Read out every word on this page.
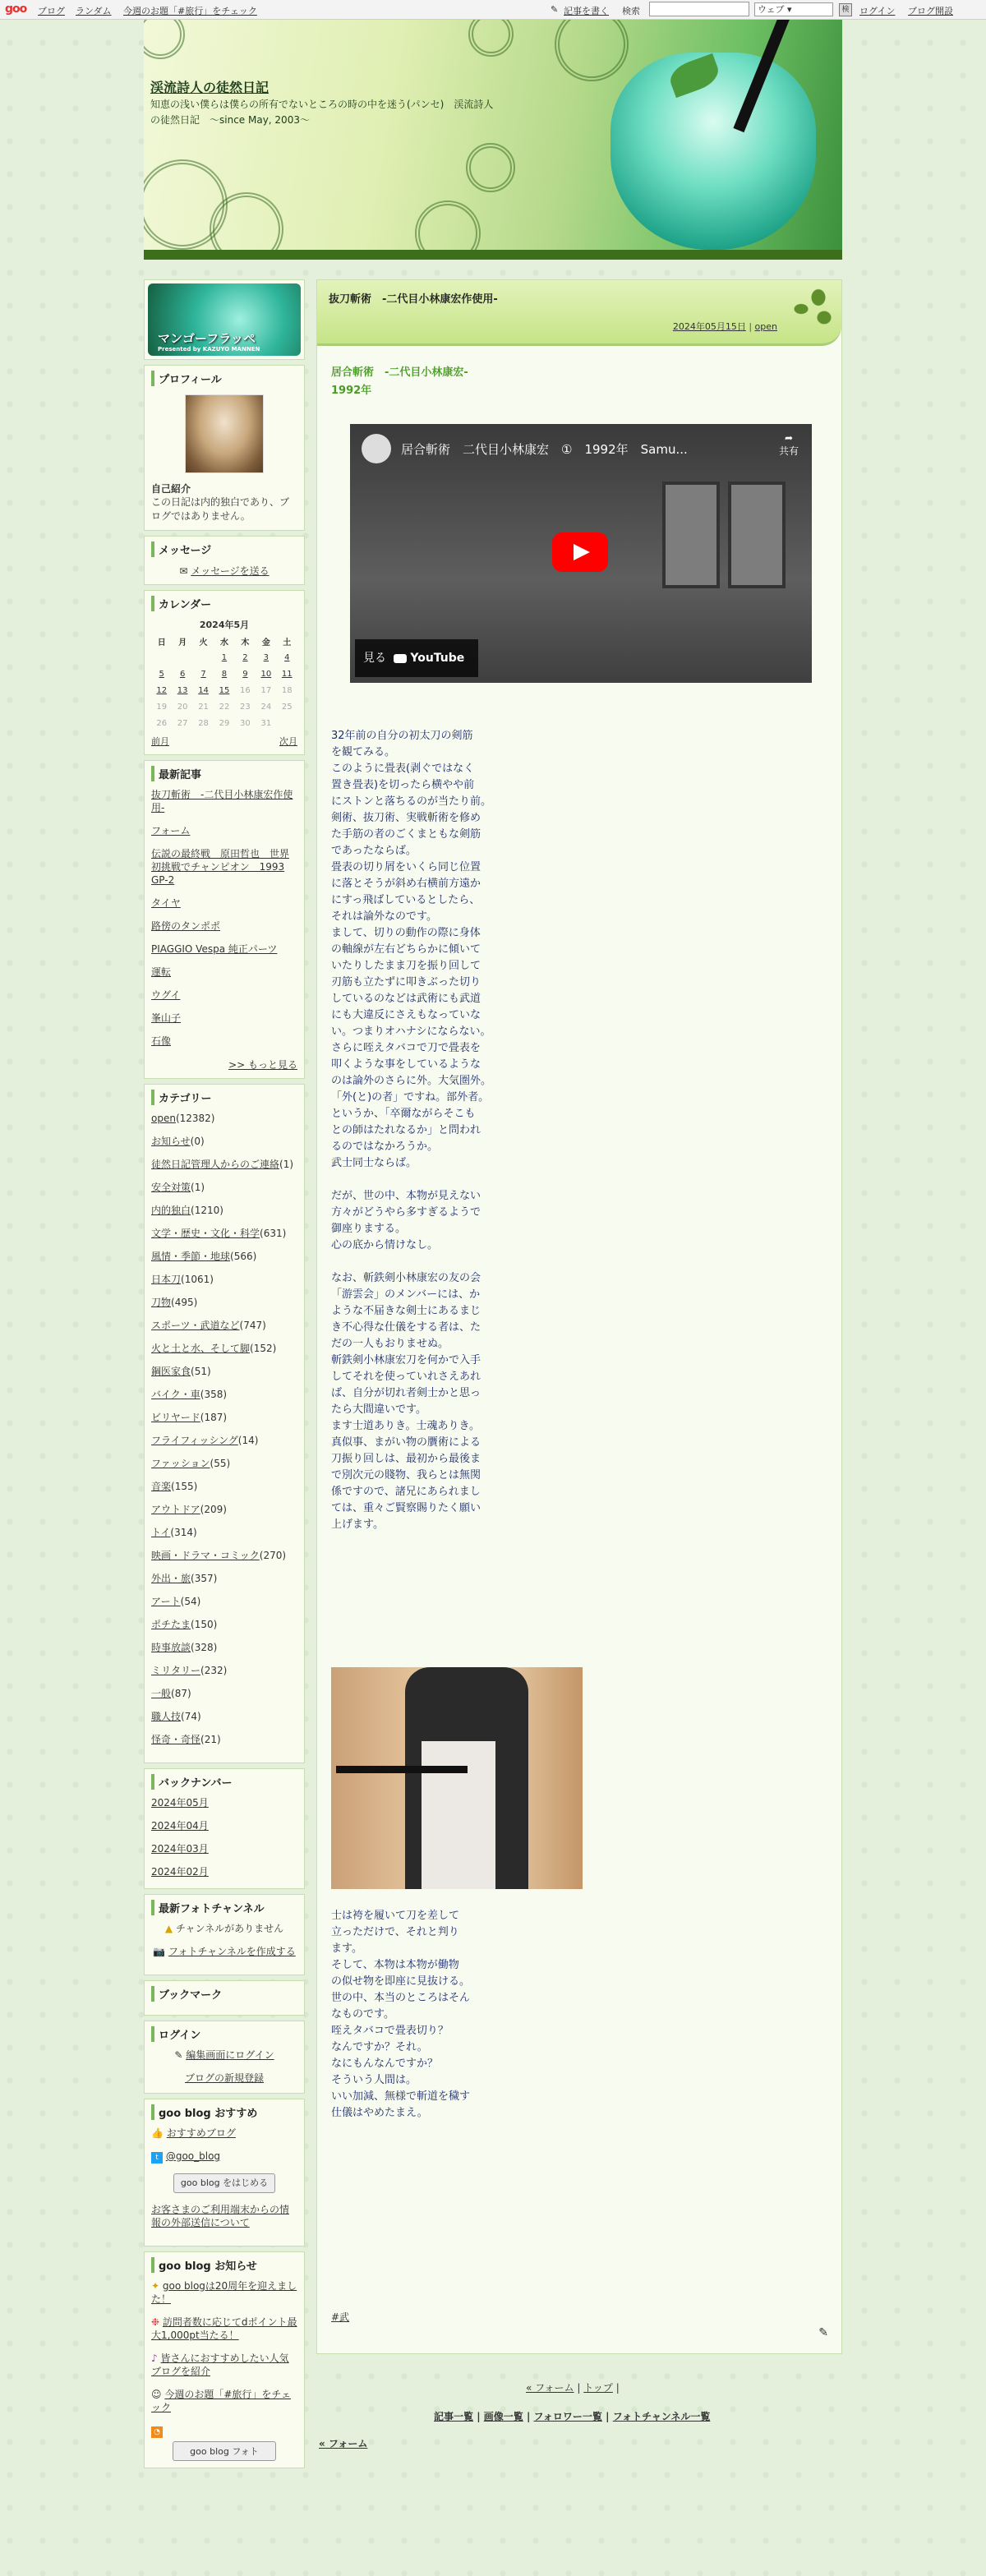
goo ブログ ランダム 今週のお題「#旅行」をチェック	✎ 記事を書く 検索	ウェブ ▾	検	ログイン ブログ開設
渓流詩人の徒然日記
知恵の浅い僕らは僕らの所有でないところの時の中を迷う(パンセ)　渓流詩人の徒然日記　～since May, 2003～
マンゴーフラッペ
Presented by KAZUYO MANNEN
プロフィール
自己紹介
この日記は内的独白であり、ブログではありません。
メッセージ
✉ メッセージを送る
カレンダー
2024年5月
日	月	火	水	木	金	土
			1	2	3	4
5	6	7	8	9	10	11
12	13	14	15	16	17	18
19	20	21	22	23	24	25
26	27	28	29	30	31	
前月	次月
最新記事
抜刀斬術　-二代目小林康宏作使用-
フォーム
伝説の最終戦　原田哲也　世界初挑戦でチャンピオン　1993 GP-2
タイヤ
路傍のタンポポ
PIAGGIO Vespa 純正パーツ
運転
ウグイ
峯山子
石像
>> もっと見る
カテゴリー
open(12382)
お知らせ(0)
徒然日記管理人からのご連絡(1)
安全対策(1)
内的独白(1210)
文学・歴史・文化・科学(631)
風情・季節・地球(566)
日本刀(1061)
刀物(495)
スポーツ・武道など(747)
火と土と水、そして脚(152)
鋼医家食(51)
バイク・車(358)
ビリヤード(187)
フライフィッシング(14)
ファッション(55)
音楽(155)
アウトドア(209)
トイ(314)
映画・ドラマ・コミック(270)
外出・旅(357)
アート(54)
ポチたま(150)
時事放談(328)
ミリタリー(232)
一般(87)
職人技(74)
怪奇・奇怪(21)
バックナンバー
2024年05月
2024年04月
2024年03月
2024年02月
最新フォトチャンネル
▲ チャンネルがありません
📷 フォトチャンネルを作成する
ブックマーク
ログイン
✎ 編集画面にログイン
ブログの新規登録
goo blog おすすめ
👍 おすすめブログ
t @goo_blog
goo blog をはじめる
お客さまのご利用端末からの情報の外部送信について
goo blog お知らせ
✦ goo blogは20周年を迎えました！
❉ 訪問者数に応じてdポイント最大1,000pt当たる！
♪ 皆さんにおすすめしたい人気ブログを紹介
☺ 今週のお題「#旅行」をチェック
◔
goo blog フォト
抜刀斬術　-二代目小林康宏作使用-
2024年05月15日 | open
居合斬術　-二代目小林康宏-
1992年
居合斬術　二代目小林康宏　①　1992年　Samu...
➦
共有
見る YouTube
32年前の自分の初太刀の剣筋
を観てみる。
このように畳表(剥ぐではなく
置き畳表)を切ったら横やや前
にストンと落ちるのが当たり前。
剣術、抜刀術、実戦斬術を修め
た手筋の者のごくまともな剣筋
であったならば。
畳表の切り屑をいくら同じ位置
に落とそうが斜め右横前方遠か
にすっ飛ばしているとしたら、
それは論外なのです。
まして、切りの動作の際に身体
の軸線が左右どちらかに傾いて
いたりしたまま刀を振り回して
刃筋も立たずに叩きぶった切り
しているのなどは武術にも武道
にも大違反にさえもなっていな
い。つまりオハナシにならない。
さらに咥えタバコで刀で畳表を
叩くような事をしているような
のは論外のさらに外。大気圏外。
「外(と)の者」ですね。部外者。
というか、「卒爾ながらそこも
との師はたれなるか」と問われ
るのではなかろうか。
武士同士ならば。

だが、世の中、本物が見えない
方々がどうやら多すぎるようで
御座りまする。
心の底から情けなし。

なお、斬鉄剣小林康宏の友の会
「游雲会」のメンバーには、か
ような不届きな剣士にあるまじ
き不心得な仕儀をする者は、た
だの一人もおりませぬ。
斬鉄剣小林康宏刀を何かで入手
してそれを使っていれさえあれ
ば、自分が切れ者剣士かと思っ
たら大間違いです。
ます士道ありき。士魂ありき。
真似事、まがい物の贋術による
刀振り回しは、最初から最後ま
で別次元の賤物、我らとは無関
係ですので、諸兄にあられまし
ては、重々ご賢察賜りたく願い
上げます。
士は袴を履いて刀を差して
立っただけで、それと判り
ます。
そして、本物は本物が働物
の似せ物を即座に見抜ける。
世の中、本当のところはそん
なものです。
咥えタバコで畳表切り？
なんですか？それ。
なにもんなんですか？
そういう人間は。
いい加減、無様で斬道を穢す
仕儀はやめたまえ。
#武
✎
« フォーム | トップ |
記事一覧 | 画像一覧 | フォロワー一覧 | フォトチャンネル一覧
« フォーム
